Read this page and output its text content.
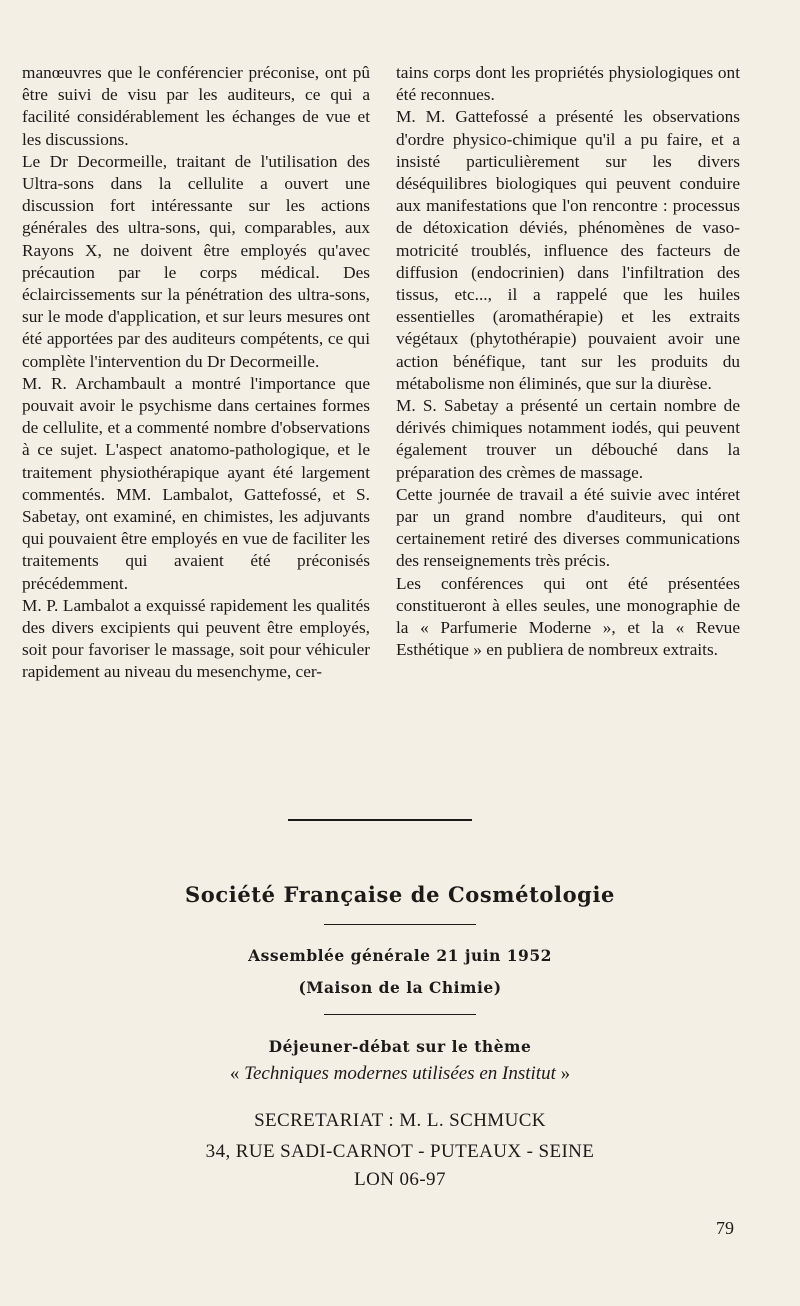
manœuvres que le conférencier préconise, ont pû être suivi de visu par les auditeurs, ce qui a facilité considérablement les échanges de vue et les discussions.

Le Dr Decormeille, traitant de l'utilisation des Ultra-sons dans la cellulite a ouvert une discussion fort intéressante sur les actions générales des ultra-sons, qui, comparables, aux Rayons X, ne doivent être employés qu'avec précaution par le corps médical. Des éclaircissements sur la pénétration des ultra-sons, sur le mode d'application, et sur leurs mesures ont été apportées par des auditeurs compétents, ce qui complète l'intervention du Dr Decormeille.

M. R. Archambault a montré l'importance que pouvait avoir le psychisme dans certaines formes de cellulite, et a commenté nombre d'observations à ce sujet. L'aspect anatomo-pathologique, et le traitement physiothérapique ayant été largement commentés. MM. Lambalot, Gattefossé, et S. Sabetay, ont examiné, en chimistes, les adjuvants qui pouvaient être employés en vue de faciliter les traitements qui avaient été préconisés précédemment.

M. P. Lambalot a exquissé rapidement les qualités des divers excipients qui peuvent être employés, soit pour favoriser le massage, soit pour véhiculer rapidement au niveau du mesenchyme, cer-

tains corps dont les propriétés physiologiques ont été reconnues.

M. M. Gattefossé a présenté les observations d'ordre physico-chimique qu'il a pu faire, et a insisté particulièrement sur les divers déséquilibres biologiques qui peuvent conduire aux manifestations que l'on rencontre : processus de détoxication déviés, phénomènes de vaso-motricité troublés, influence des facteurs de diffusion (endocrinien) dans l'infiltration des tissus, etc..., il a rappelé que les huiles essentielles (aromathérapie) et les extraits végétaux (phytothérapie) pouvaient avoir une action bénéfique, tant sur les produits du métabolisme non éliminés, que sur la diurèse.

M. S. Sabetay a présenté un certain nombre de dérivés chimiques notamment iodés, qui peuvent également trouver un débouché dans la préparation des crèmes de massage.

Cette journée de travail a été suivie avec intéret par un grand nombre d'auditeurs, qui ont certainement retiré des diverses communications des renseignements très précis.

Les conférences qui ont été présentées constitueront à elles seules, une monographie de la « Parfumerie Moderne », et la « Revue Esthétique » en publiera de nombreux extraits.

Société Française de Cosmétologie
Assemblée générale 21 juin 1952
(Maison de la Chimie)
Déjeuner-débat sur le thème
« Techniques modernes utilisées en Institut »
SECRETARIAT : M. L. SCHMUCK
34, RUE SADI-CARNOT - PUTEAUX - SEINE
LON 06-97
79
